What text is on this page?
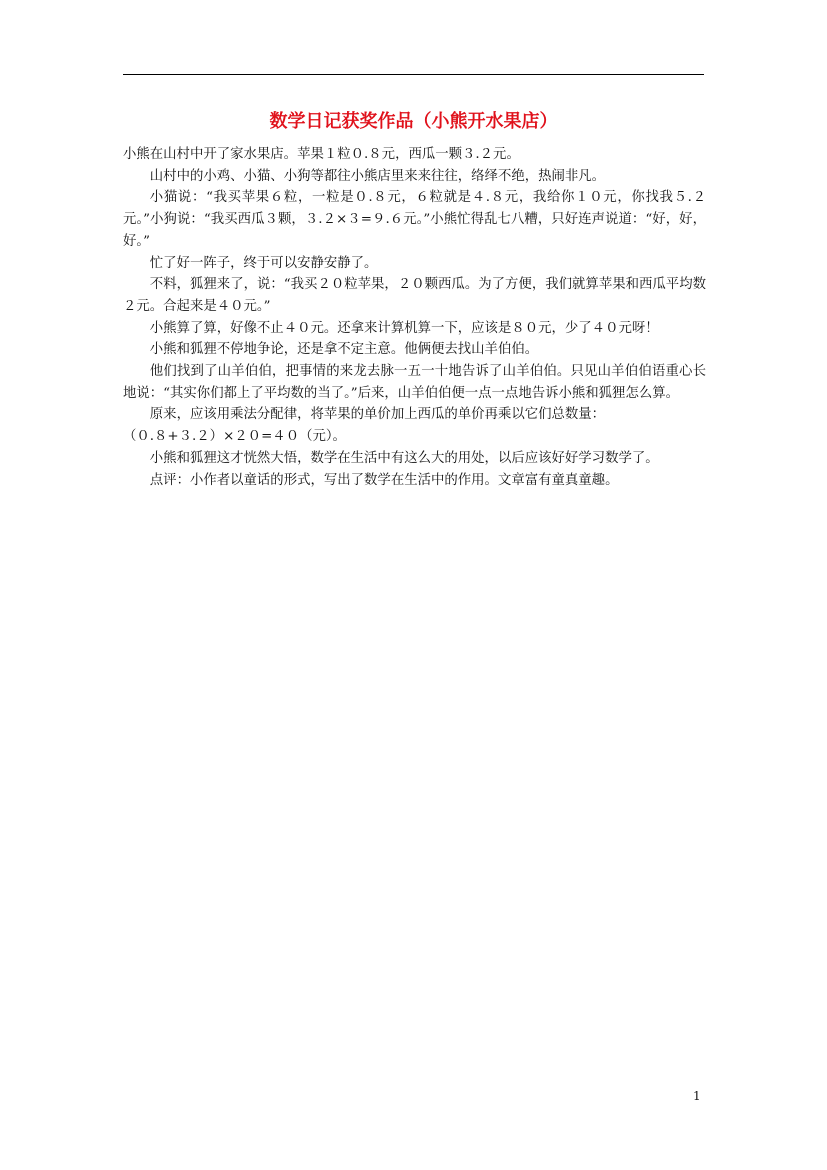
数学日记获奖作品（小熊开水果店）

小熊在山村中开了家水果店。苹果１粒０.８元，西瓜一颗３.２元。

山村中的小鸡、小猫、小狗等都往小熊店里来来往往，络绎不绝，热闹非凡。

小猫说：“我买苹果６粒，一粒是０.８元，６粒就是４.８元，我给你１０元，你找我５.２元。”小狗说：“我买西瓜３颗，３.２×３=９.６元。”小熊忙得乱七八糟，只好连声说道：“好，好，好。”

忙了好一阵子，终于可以安静安静了。

不料，狐狸来了，说：“我买２０粒苹果，２０颗西瓜。为了方便，我们就算苹果和西瓜平均数２元。合起来是４０元。”

小熊算了算，好像不止４０元。还拿来计算机算一下，应该是８０元，少了４０元呀！

小熊和狐狸不停地争论，还是拿不定主意。他俩便去找山羊伯伯。

他们找到了山羊伯伯，把事情的来龙去脉一五一十地告诉了山羊伯伯。只见山羊伯伯语重心长地说：“其实你们都上了平均数的当了。”后来，山羊伯伯便一点一点地告诉小熊和狐狸怎么算。

原来，应该用乘法分配律，将苹果的单价加上西瓜的单价再乘以它们总数量：

（０.８+３.２）×２０=４０（元）。

小熊和狐狸这才恍然大悟，数学在生活中有这么大的用处，以后应该好好学习数学了。

点评：小作者以童话的形式，写出了数学在生活中的作用。文章富有童真童趣。

1
